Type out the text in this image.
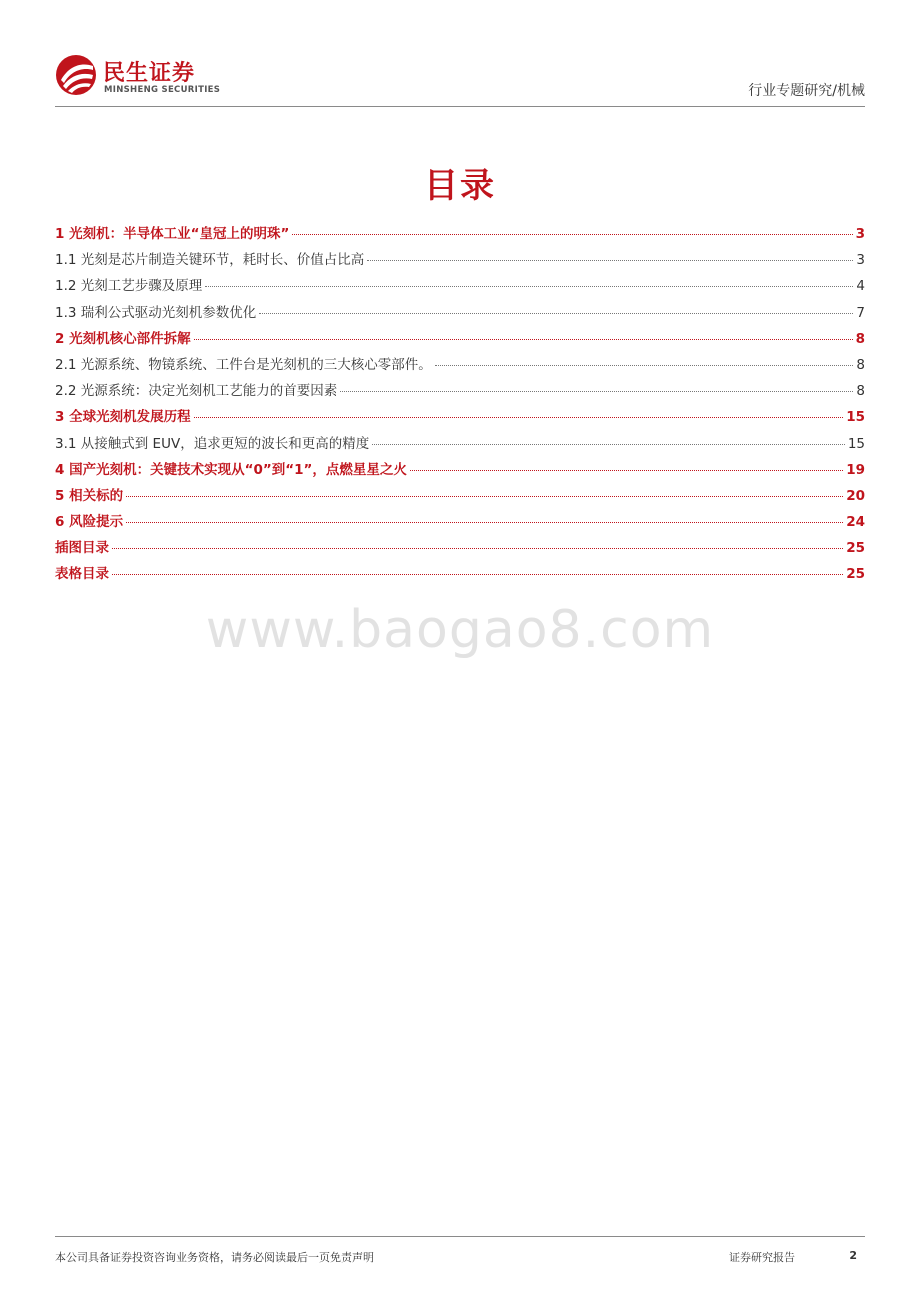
民生证券
MINSHENG SECURITIES	行业专题研究/机械
目录
1 光刻机：半导体工业“皇冠上的明珠”	3
1.1 光刻是芯片制造关键环节，耗时长、价值占比高	3
1.2 光刻工艺步骤及原理	4
1.3 瑞利公式驱动光刻机参数优化	7
2 光刻机核心部件拆解	8
2.1 光源系统、物镜系统、工件台是光刻机的三大核心零部件。	8
2.2 光源系统：决定光刻机工艺能力的首要因素	8
3 全球光刻机发展历程	15
3.1 从接触式到 EUV，追求更短的波长和更高的精度	15
4 国产光刻机：关键技术实现从“0”到“1”，点燃星星之火	19
5 相关标的	20
6 风险提示	24
插图目录	25
表格目录	25
www.baogao8.com
本公司具备证券投资咨询业务资格，请务必阅读最后一页免责声明	证券研究报告	2
